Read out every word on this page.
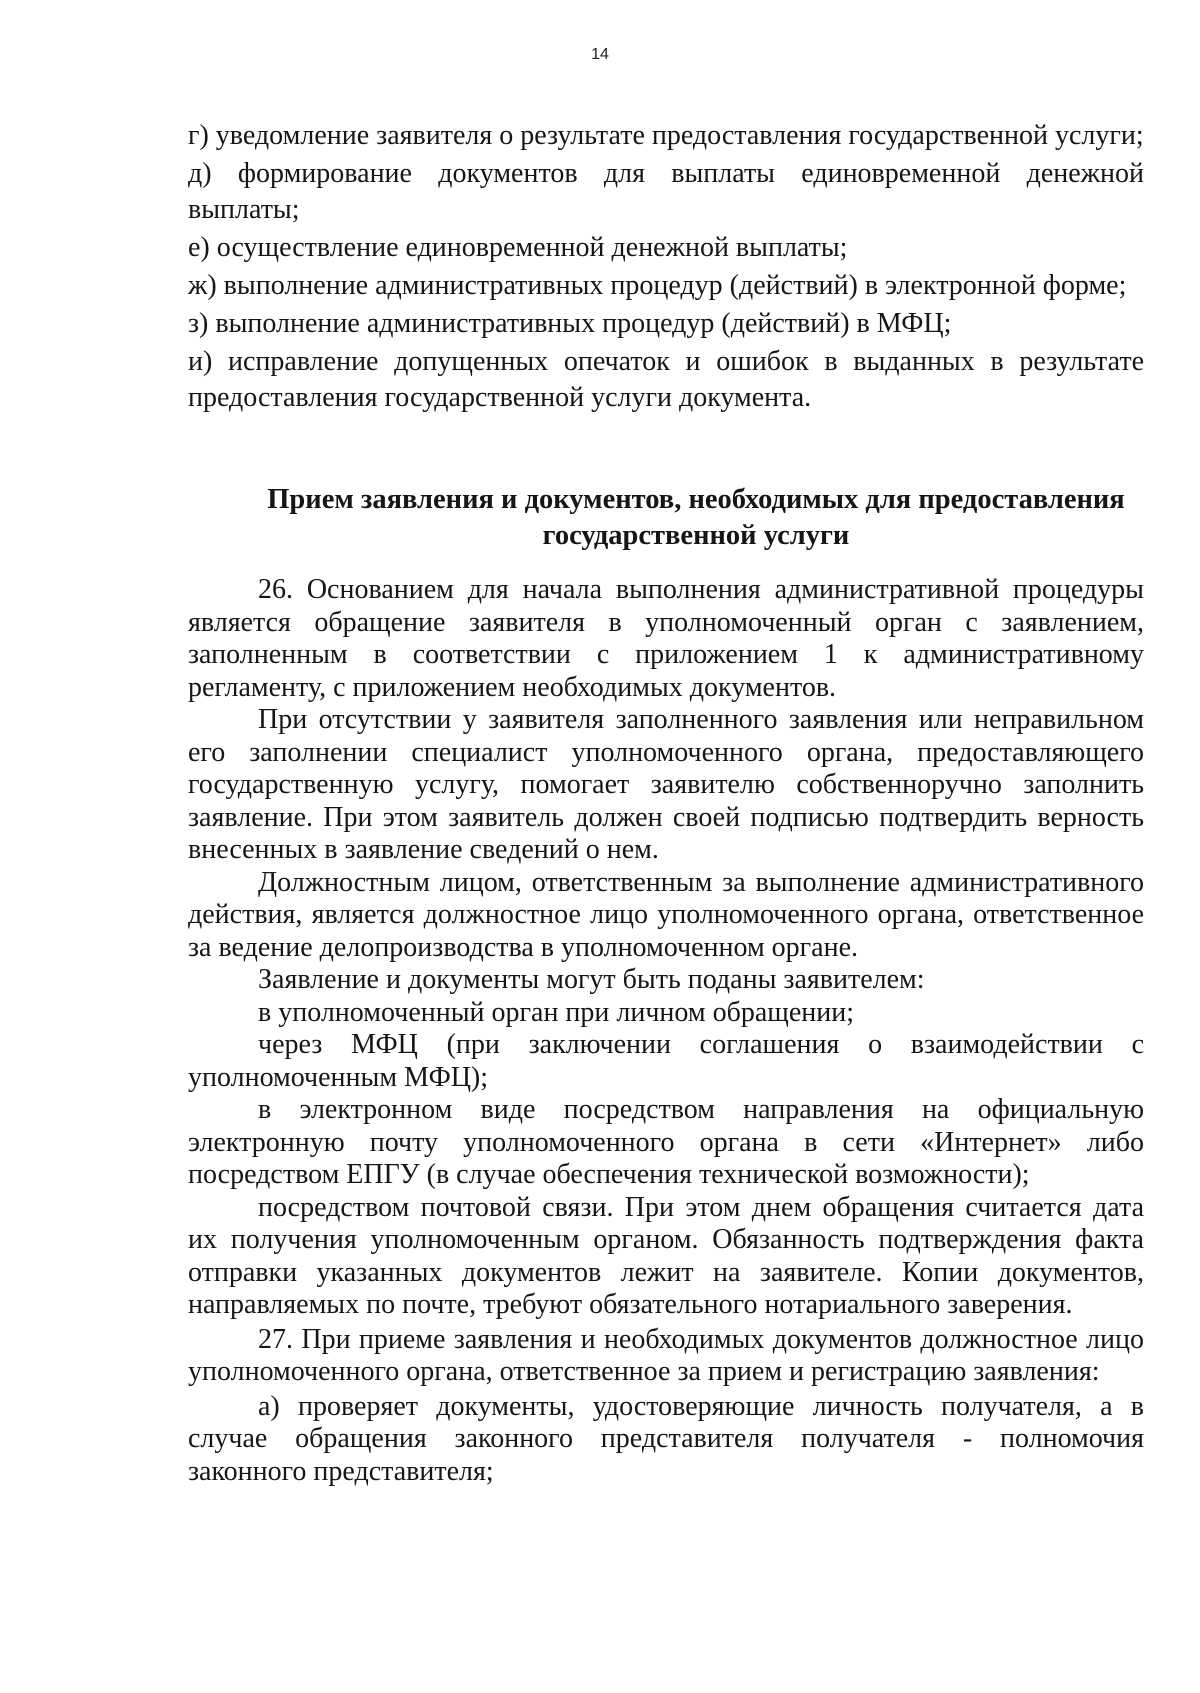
14

г) уведомление заявителя о результате предоставления государственной услуги;

д) формирование документов для выплаты единовременной денежной выплаты;

е) осуществление единовременной денежной выплаты;

ж) выполнение административных процедур (действий) в электронной форме;

з) выполнение административных процедур (действий) в МФЦ;

и) исправление допущенных опечаток и ошибок в выданных в результате предоставления государственной услуги документа.

Прием заявления и документов, необходимых для предоставления
государственной услуги

26. Основанием для начала выполнения административной процедуры является обращение заявителя в уполномоченный орган с заявлением, заполненным в соответствии с приложением 1 к административному регламенту, с приложением необходимых документов.

При отсутствии у заявителя заполненного заявления или неправильном его заполнении специалист уполномоченного органа, предоставляющего государственную услугу, помогает заявителю собственноручно заполнить заявление. При этом заявитель должен своей подписью подтвердить верность внесенных в заявление сведений о нем.

Должностным лицом, ответственным за выполнение административного действия, является должностное лицо уполномоченного органа, ответственное за ведение делопроизводства в уполномоченном органе.

Заявление и документы могут быть поданы заявителем:

в уполномоченный орган при личном обращении;

через МФЦ (при заключении соглашения о взаимодействии с уполномоченным МФЦ);

в электронном виде посредством направления на официальную электронную почту уполномоченного органа в сети «Интернет» либо посредством ЕПГУ (в случае обеспечения технической возможности);

посредством почтовой связи. При этом днем обращения считается дата их получения уполномоченным органом. Обязанность подтверждения факта отправки указанных документов лежит на заявителе. Копии документов, направляемых по почте, требуют обязательного нотариального заверения.

27. При приеме заявления и необходимых документов должностное лицо уполномоченного органа, ответственное за прием и регистрацию заявления:

а) проверяет документы, удостоверяющие личность получателя, а в случае обращения законного представителя получателя - полномочия законного представителя;
